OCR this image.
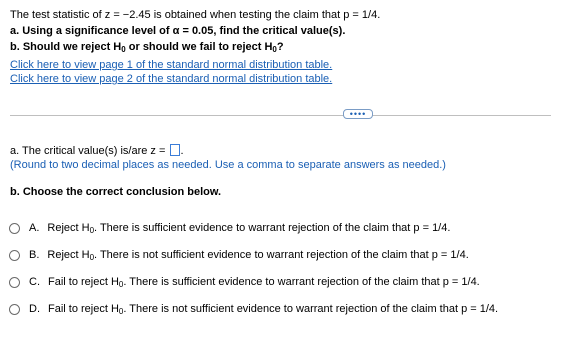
The test statistic of z = −2.45 is obtained when testing the claim that p = 1/4.
a. Using a significance level of α = 0.05, find the critical value(s).
b. Should we reject $H_0$ or should we fail to reject $H_0$?
Click here to view page 1 of the standard normal distribution table.
Click here to view page 2 of the standard normal distribution table.
••••
a. The critical value(s) is/are z = .
(Round to two decimal places as needed. Use a comma to separate answers as needed.)
b. Choose the correct conclusion below.
A. Reject $H_0$. There is sufficient evidence to warrant rejection of the claim that p = 1/4.
B. Reject $H_0$. There is not sufficient evidence to warrant rejection of the claim that p = 1/4.
C. Fail to reject $H_0$. There is sufficient evidence to warrant rejection of the claim that p = 1/4.
D. Fail to reject $H_0$. There is not sufficient evidence to warrant rejection of the claim that p = 1/4.
